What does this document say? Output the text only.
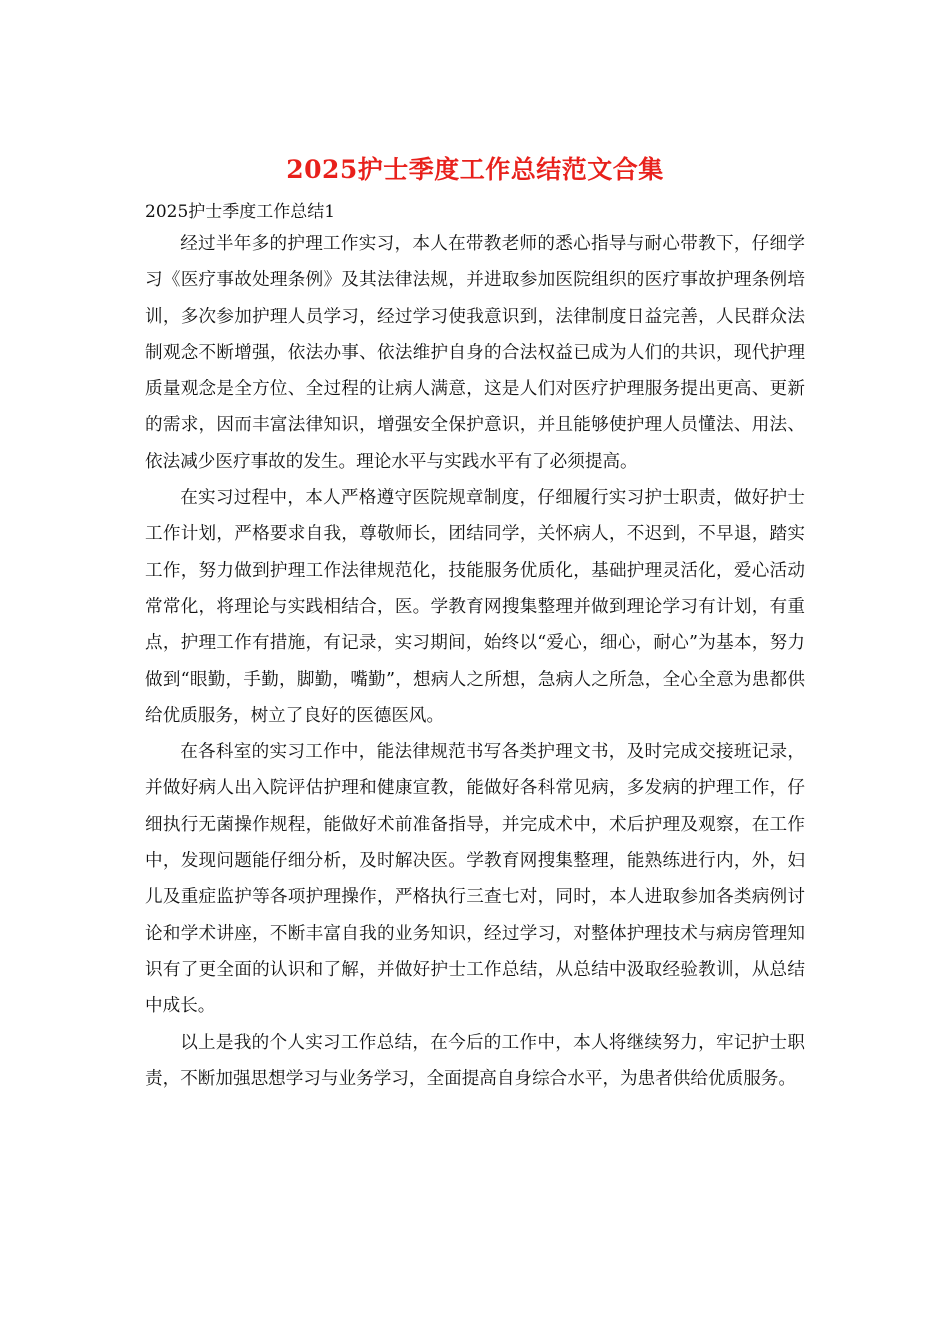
2025护士季度工作总结范文合集
2025护士季度工作总结1

经过半年多的护理工作实习，本人在带教老师的悉心指导与耐心带教下，仔细学习《医疗事故处理条例》及其法律法规，并进取参加医院组织的医疗事故护理条例培训，多次参加护理人员学习，经过学习使我意识到，法律制度日益完善，人民群众法制观念不断增强，依法办事、依法维护自身的合法权益已成为人们的共识，现代护理质量观念是全方位、全过程的让病人满意，这是人们对医疗护理服务提出更高、更新的需求，因而丰富法律知识，增强安全保护意识，并且能够使护理人员懂法、用法、依法减少医疗事故的发生。理论水平与实践水平有了必须提高。

在实习过程中，本人严格遵守医院规章制度，仔细履行实习护士职责，做好护士工作计划，严格要求自我，尊敬师长，团结同学，关怀病人，不迟到，不早退，踏实工作，努力做到护理工作法律规范化，技能服务优质化，基础护理灵活化，爱心活动常常化，将理论与实践相结合，医。学教育网搜集整理并做到理论学习有计划，有重点，护理工作有措施，有记录，实习期间，始终以“爱心，细心，耐心”为基本，努力做到“眼勤，手勤，脚勤，嘴勤”，想病人之所想，急病人之所急，全心全意为患都供给优质服务，树立了良好的医德医风。

在各科室的实习工作中，能法律规范书写各类护理文书，及时完成交接班记录，并做好病人出入院评估护理和健康宣教，能做好各科常见病，多发病的护理工作，仔细执行无菌操作规程，能做好术前准备指导，并完成术中，术后护理及观察，在工作中，发现问题能仔细分析，及时解决医。学教育网搜集整理，能熟练进行内，外，妇儿及重症监护等各项护理操作，严格执行三查七对，同时，本人进取参加各类病例讨论和学术讲座，不断丰富自我的业务知识，经过学习，对整体护理技术与病房管理知识有了更全面的认识和了解，并做好护士工作总结，从总结中汲取经验教训，从总结中成长。

以上是我的个人实习工作总结，在今后的工作中，本人将继续努力，牢记护士职责，不断加强思想学习与业务学习，全面提高自身综合水平，为患者供给优质服务。
